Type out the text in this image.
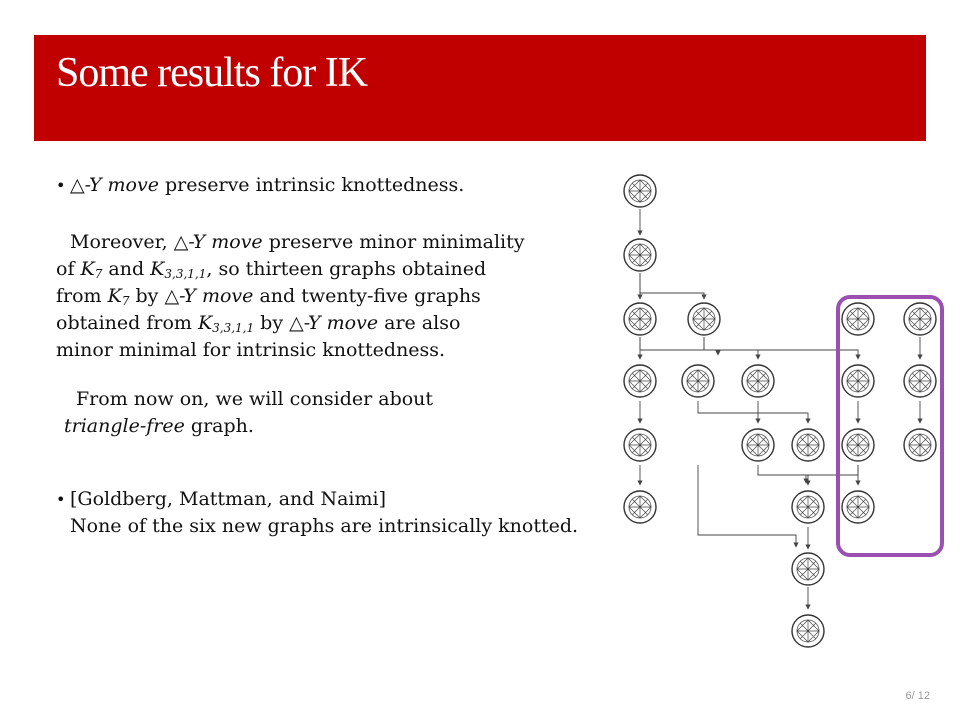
Some results for IK
• △-Y move preserve intrinsic knottedness.

Moreover, △-Y move preserve minor minimality

of $K_7$ and $K_{3,3,1,1}$, so thirteen graphs obtained

from $K_7$ by △-Y move and twenty-five graphs

obtained from $K_{3,3,1,1}$ by △-Y move are also

minor minimal for intrinsic knottedness.

From now on, we will consider about

triangle-free graph.

• [Goldberg, Mattman, and Naimi]

None of the six new graphs are intrinsically knotted.

6/ 12
